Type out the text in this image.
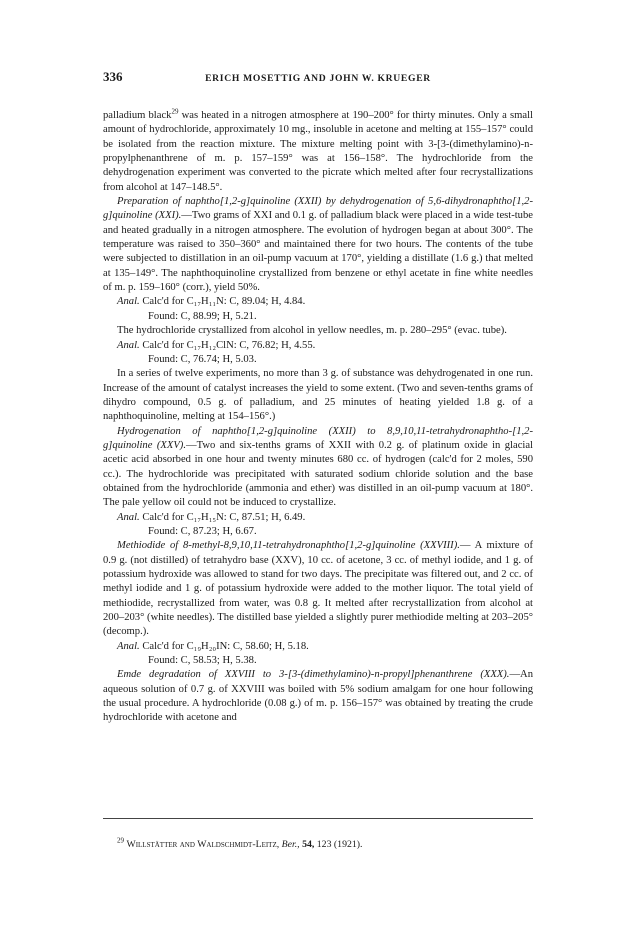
336	ERICH MOSETTIG AND JOHN W. KRUEGER

palladium black$^{29}$ was heated in a nitrogen atmosphere at 190–200° for thirty minutes. Only a small amount of hydrochloride, approximately 10 mg., insoluble in acetone and melting at 155–157° could be isolated from the reaction mixture. The mixture melting point with 3-[3-(dimethylamino)-n-propylphenanthrene of m. p. 157–159° was at 156–158°. The hydrochloride from the dehydrogenation experiment was converted to the picrate which melted after four recrystallizations from alcohol at 147–148.5°.

Preparation of naphtho[1,2-g]quinoline (XXII) by dehydrogenation of 5,6-dihydronaphtho[1,2-g]quinoline (XXI).—Two grams of XXI and 0.1 g. of palladium black were placed in a wide test-tube and heated gradually in a nitrogen atmosphere. The evolution of hydrogen began at about 300°. The temperature was raised to 350–360° and maintained there for two hours. The contents of the tube were subjected to distillation in an oil-pump vacuum at 170°, yielding a distillate (1.6 g.) that melted at 135–149°. The naphthoquinoline crystallized from benzene or ethyl acetate in fine white needles of m. p. 159–160° (corr.), yield 50%.

Anal. Calc'd for C₁₇H₁₁N: C, 89.04; H, 4.84.

Found: C, 88.99; H, 5.21.

The hydrochloride crystallized from alcohol in yellow needles, m. p. 280–295° (evac. tube).

Anal. Calc'd for C₁₇H₁₂ClN: C, 76.82; H, 4.55.

Found: C, 76.74; H, 5.03.

In a series of twelve experiments, no more than 3 g. of substance was dehydrogenated in one run. Increase of the amount of catalyst increases the yield to some extent. (Two and seven-tenths grams of dihydro compound, 0.5 g. of palladium, and 25 minutes of heating yielded 1.8 g. of a naphthoquinoline, melting at 154–156°.)

Hydrogenation of naphtho[1,2-g]quinoline (XXII) to 8,9,10,11-tetrahydronaphtho-[1,2-g]quinoline (XXV).—Two and six-tenths grams of XXII with 0.2 g. of platinum oxide in glacial acetic acid absorbed in one hour and twenty minutes 680 cc. of hydrogen (calc'd for 2 moles, 590 cc.). The hydrochloride was precipitated with saturated sodium chloride solution and the base obtained from the hydrochloride (ammonia and ether) was distilled in an oil-pump vacuum at 180°. The pale yellow oil could not be induced to crystallize.

Anal. Calc'd for C₁₇H₁₅N: C, 87.51; H, 6.49.

Found: C, 87.23; H, 6.67.

Methiodide of 8-methyl-8,9,10,11-tetrahydronaphtho[1,2-g]quinoline (XXVIII).— A mixture of 0.9 g. (not distilled) of tetrahydro base (XXV), 10 cc. of acetone, 3 cc. of methyl iodide, and 1 g. of potassium hydroxide was allowed to stand for two days. The precipitate was filtered out, and 2 cc. of methyl iodide and 1 g. of potassium hydroxide were added to the mother liquor. The total yield of methiodide, recrystallized from water, was 0.8 g. It melted after recrystallization from alcohol at 200–203° (white needles). The distilled base yielded a slightly purer methiodide melting at 203–205° (decomp.).

Anal. Calc'd for C₁₉H₂₀IN: C, 58.60; H, 5.18.

Found: C, 58.53; H, 5.38.

Emde degradation of XXVIII to 3-[3-(dimethylamino)-n-propyl]phenanthrene (XXX).—An aqueous solution of 0.7 g. of XXVIII was boiled with 5% sodium amalgam for one hour following the usual procedure. A hydrochloride (0.08 g.) of m. p. 156–157° was obtained by treating the crude hydrochloride with acetone and

$^{29}$ Willstätter and Waldschmidt-Leitz, Ber., 54, 123 (1921).
